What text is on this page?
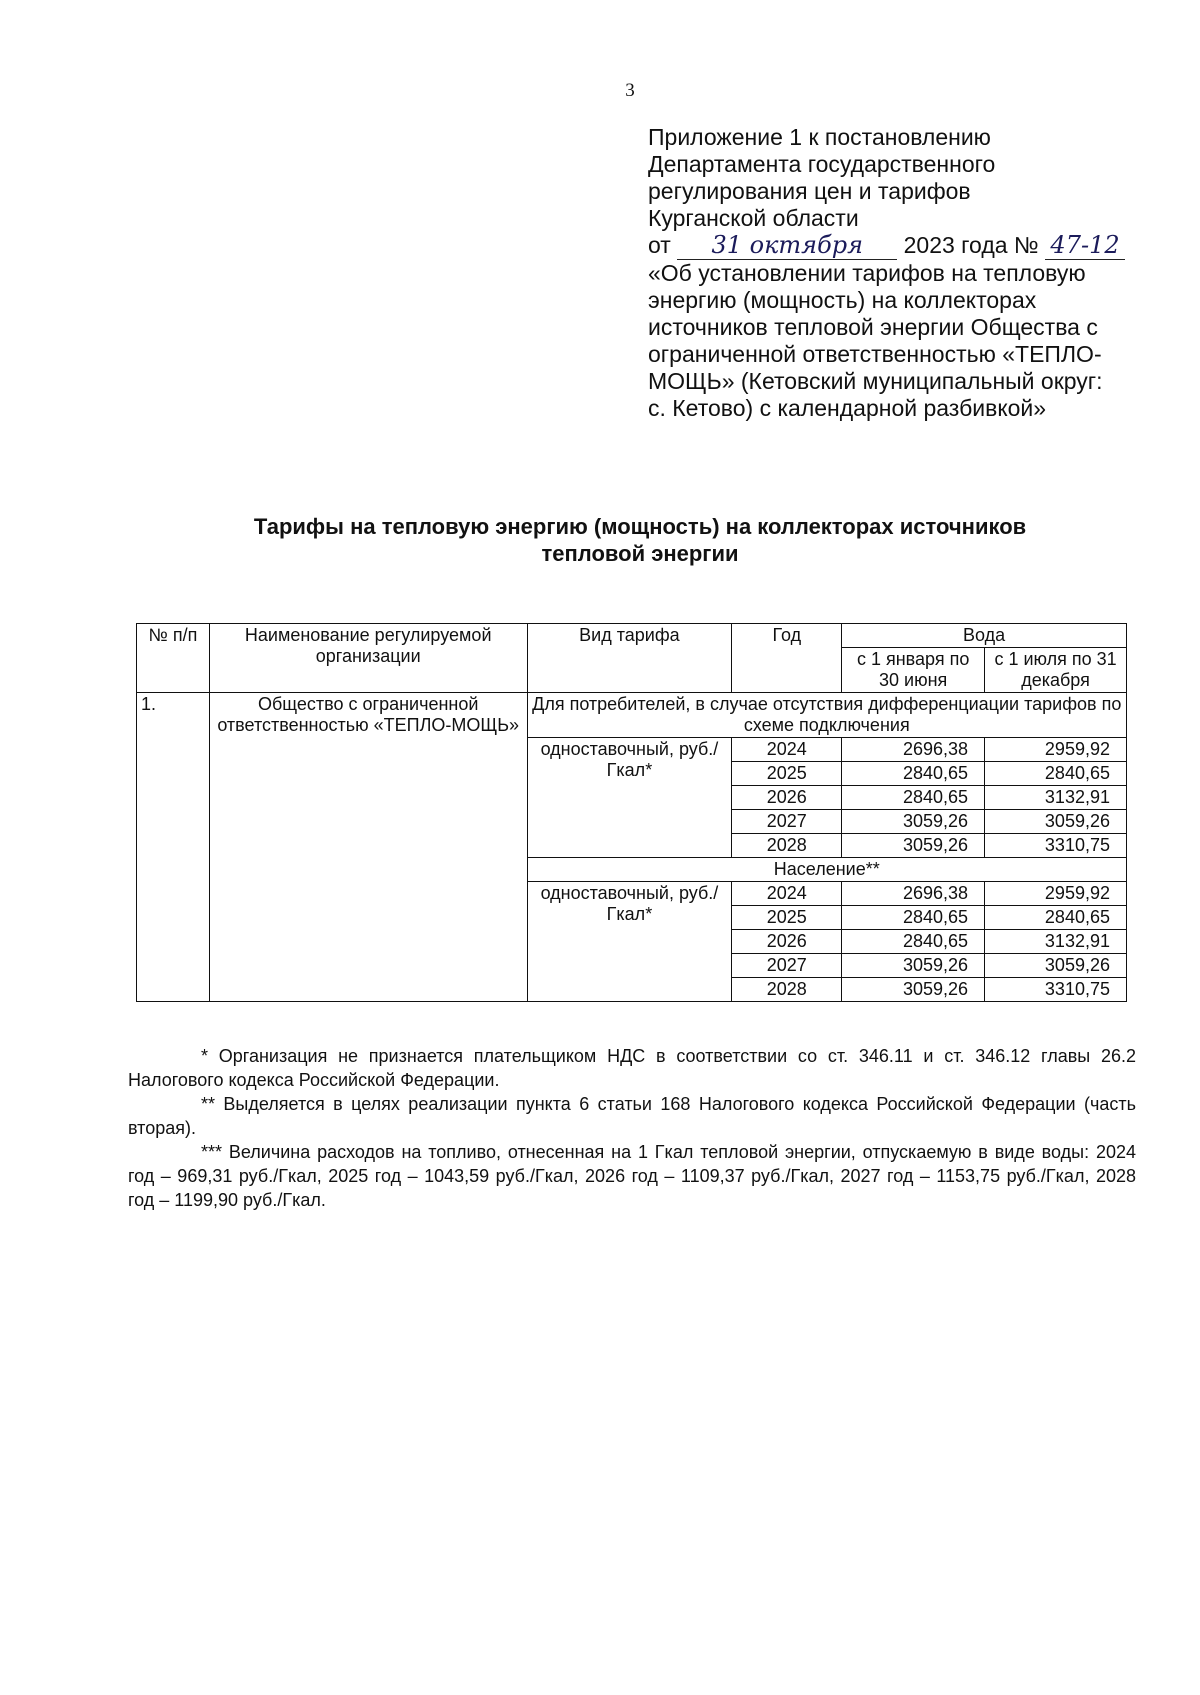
3
Приложение 1 к постановлению
Департамента государственного
регулирования цен и тарифов
Курганской области
от 31 октября 2023 года № 47-12
«Об установлении тарифов на тепловую
энергию (мощность) на коллекторах
источников тепловой энергии Общества с
ограниченной ответственностью «ТЕПЛО-
МОЩЬ» (Кетовский муниципальный округ:
с. Кетово) с календарной разбивкой»
Тарифы на тепловую энергию (мощность) на коллекторах источников
тепловой энергии
№ п/п	Наименование регулируемой организации	Вид тарифа	Год	Вода	
				с 1 января по 30 июня	с 1 июля по 31 декабря
1.	Общество с ограниченной ответственностью «ТЕПЛО-МОЩЬ»	Для потребителей, в случае отсутствия дифференциации тарифов по схеме подключения			
		одноставочный, руб./Гкал*	2024	2696,38	2959,92
			2025	2840,65	2840,65
			2026	2840,65	3132,91
			2027	3059,26	3059,26
			2028	3059,26	3310,75
		Население**			
		одноставочный, руб./Гкал*	2024	2696,38	2959,92
			2025	2840,65	2840,65
			2026	2840,65	3132,91
			2027	3059,26	3059,26
			2028	3059,26	3310,75

* Организация не признается плательщиком НДС в соответствии со ст. 346.11 и ст. 346.12 главы 26.2 Налогового кодекса Российской Федерации.

** Выделяется в целях реализации пункта 6 статьи 168 Налогового кодекса Российской Федерации (часть вторая).

*** Величина расходов на топливо, отнесенная на 1 Гкал тепловой энергии, отпускаемую в виде воды: 2024 год – 969,31 руб./Гкал, 2025 год – 1043,59 руб./Гкал, 2026 год – 1109,37 руб./Гкал, 2027 год – 1153,75 руб./Гкал, 2028 год – 1199,90 руб./Гкал.
